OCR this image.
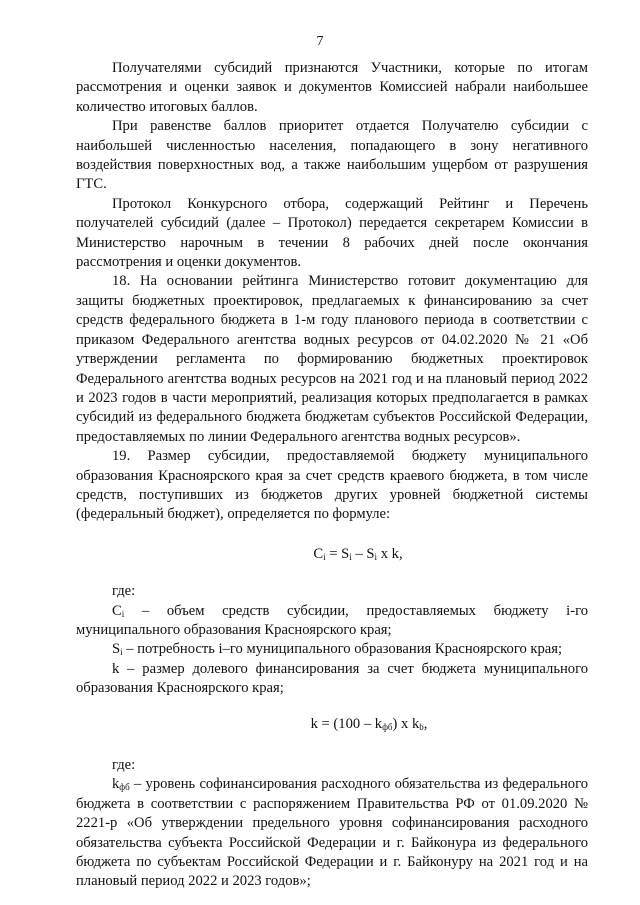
7

Получателями субсидий признаются Участники, которые по итогам рассмотрения и оценки заявок и документов Комиссией набрали наибольшее количество итоговых баллов.

При равенстве баллов приоритет отдается Получателю субсидии с наибольшей численностью населения, попадающего в зону негативного воздействия поверхностных вод, а также наибольшим ущербом от разрушения ГТС.

Протокол Конкурсного отбора, содержащий Рейтинг и Перечень получателей субсидий (далее – Протокол) передается секретарем Комиссии в Министерство нарочным в течении 8 рабочих дней после окончания рассмотрения и оценки документов.

18. На основании рейтинга Министерство готовит документацию для защиты бюджетных проектировок, предлагаемых к финансированию за счет средств федерального бюджета в 1-м году планового периода в соответствии с приказом Федерального агентства водных ресурсов от 04.02.2020 № 21 «Об утверждении регламента по формированию бюджетных проектировок Федерального агентства водных ресурсов на 2021 год и на плановый период 2022 и 2023 годов в части мероприятий, реализация которых предполагается в рамках субсидий из федерального бюджета бюджетам субъектов Российской Федерации, предоставляемых по линии Федерального агентства водных ресурсов».

19. Размер субсидии, предоставляемой бюджету муниципального образования Красноярского края за счет средств краевого бюджета, в том числе средств, поступивших из бюджетов других уровней бюджетной системы (федеральный бюджет), определяется по формуле:

$C_i = S_i - S_i$ x k,

где:

$C_i$ – объем средств субсидии, предоставляемых бюджету i-го муниципального образования Красноярского края;

$S_i$ – потребность i–го муниципального образования Красноярского края;

k – размер долевого финансирования за счет бюджета муниципального образования Красноярского края;

$k = (100 - k_{фб})$ x $k_b$,

где:

$k_{фб}$ – уровень софинансирования расходного обязательства из федерального бюджета в соответствии с распоряжением Правительства РФ от 01.09.2020 № 2221-р «Об утверждении предельного уровня софинансирования расходного обязательства субъекта Российской Федерации и г. Байконура из федерального бюджета по субъектам Российской Федерации и г. Байконуру на 2021 год и на плановый период 2022 и 2023 годов»;
